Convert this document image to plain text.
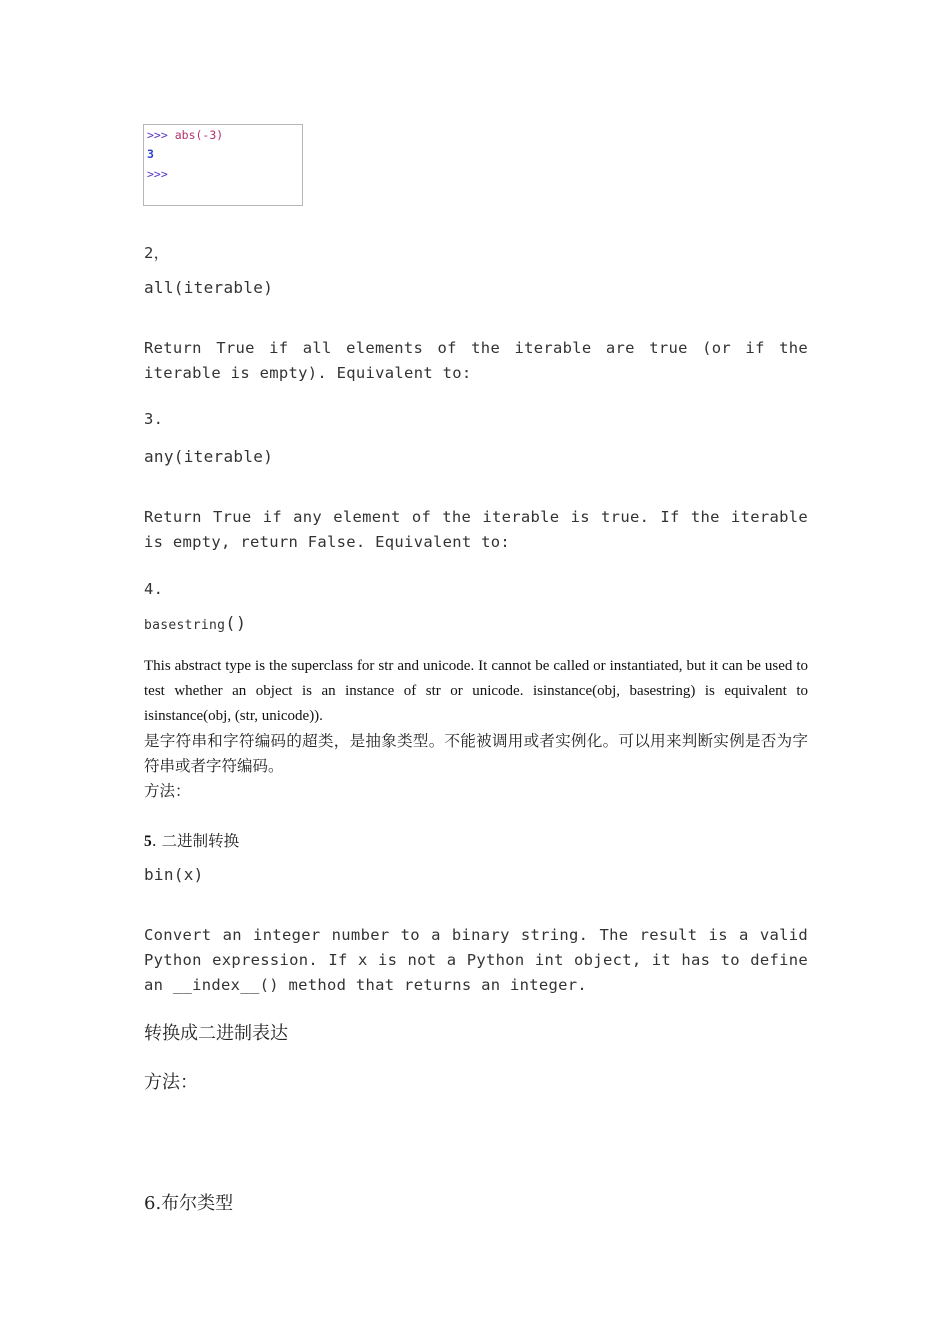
>>> abs(-3)
3
>>>
2，
all(iterable)
Return True if all elements of the iterable are true (or if the iterable is empty). Equivalent to:
3.
any(iterable)
Return True if any element of the iterable is true. If the iterable is empty, return False. Equivalent to:
4.
basestring()
This abstract type is the superclass for str and unicode. It cannot be called or instantiated, but it can be used to test whether an object is an instance of str or unicode. isinstance(obj, basestring) is equivalent to isinstance(obj, (str, unicode)).
是字符串和字符编码的超类，是抽象类型。不能被调用或者实例化。可以用来判断实例是否为字符串或者字符编码。
方法：
5. 二进制转换
bin(x)
Convert an integer number to a binary string. The result is a valid Python expression. If x is not a Python int object, it has to define an __index__() method that returns an integer.
转换成二进制表达
方法：
6.布尔类型
